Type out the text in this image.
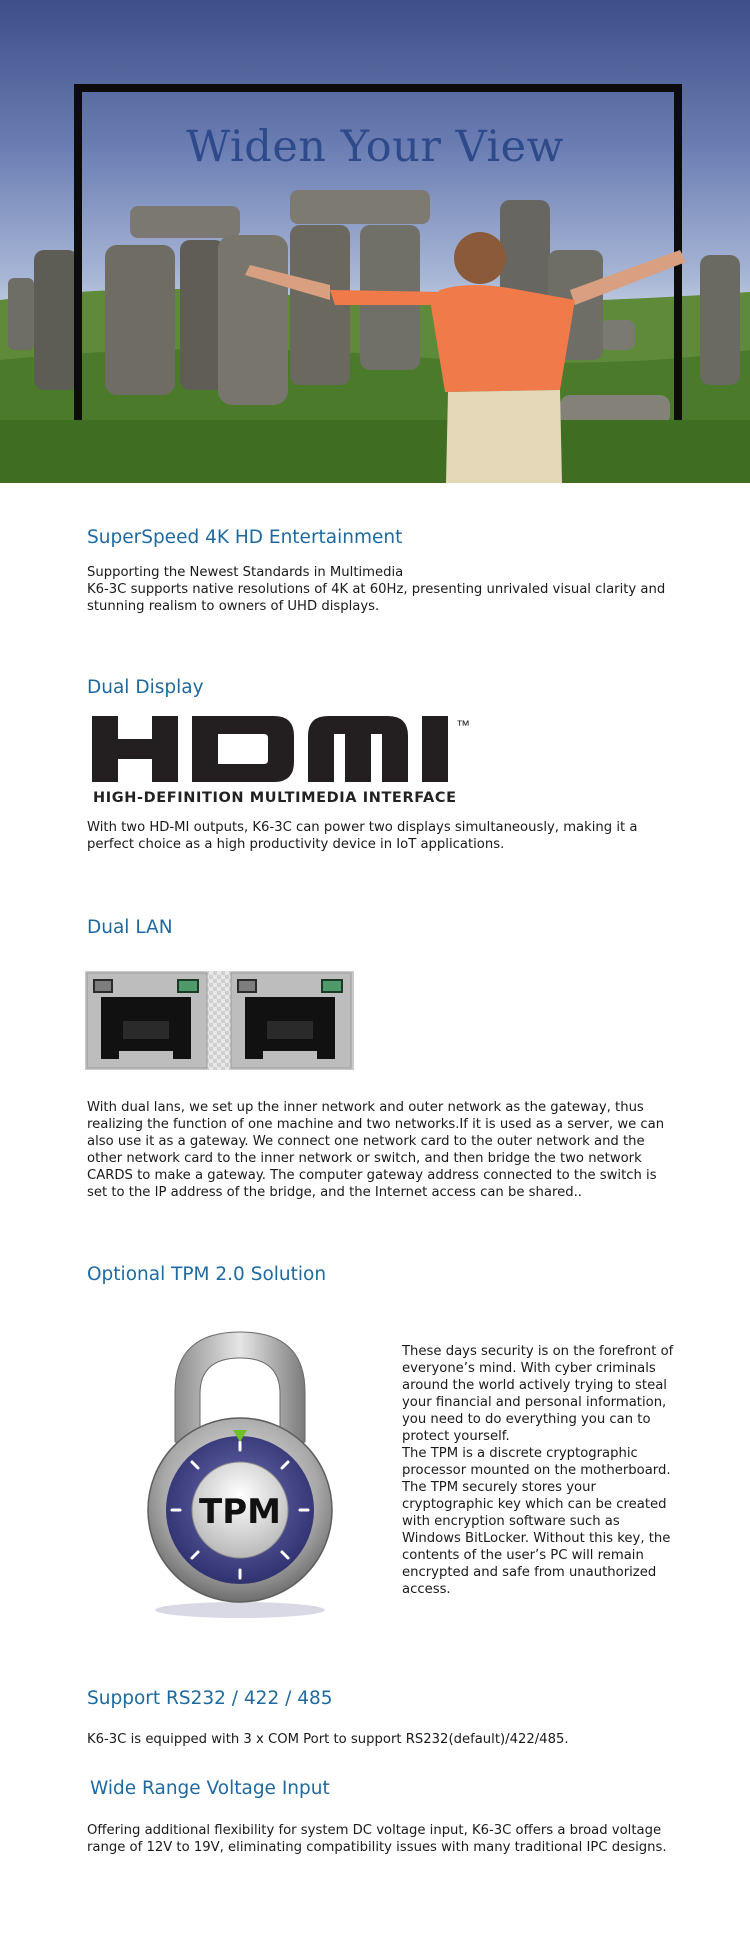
Widen Your View
SuperSpeed 4K HD Entertainment

Supporting the Newest Standards in Multimedia
K6-3C supports native resolutions of 4K at 60Hz, presenting unrivaled visual clarity and
stunning realism to owners of UHD displays.

Dual Display
™
HDMI
HIGH-DEFINITION MULTIMEDIA INTERFACE

With two HD-MI outputs, K6-3C can power two displays simultaneously, making it a
perfect choice as a high productivity device in IoT applications.

Dual LAN

With dual lans, we set up the inner network and outer network as the gateway, thus
realizing the function of one machine and two networks.If it is used as a server, we can
also use it as a gateway. We connect one network card to the outer network and the
other network card to the inner network or switch, and then bridge the two network
CARDS to make a gateway. The computer gateway address connected to the switch is
set to the IP address of the bridge, and the Internet access can be shared..

Optional TPM 2.0 Solution
TPM

These days security is on the forefront of
everyone’s mind. With cyber criminals
around the world actively trying to steal
your financial and personal information,
you need to do everything you can to
protect yourself.
The TPM is a discrete cryptographic
processor mounted on the motherboard.
The TPM securely stores your
cryptographic key which can be created
with encryption software such as
Windows BitLocker. Without this key, the
contents of the user’s PC will remain
encrypted and safe from unauthorized
access.

Support RS232 / 422 / 485

K6-3C is equipped with 3 x COM Port to support RS232(default)/422/485.

Wide Range Voltage Input

Offering additional flexibility for system DC voltage input, K6-3C offers a broad voltage
range of 12V to 19V, eliminating compatibility issues with many traditional IPC designs.
